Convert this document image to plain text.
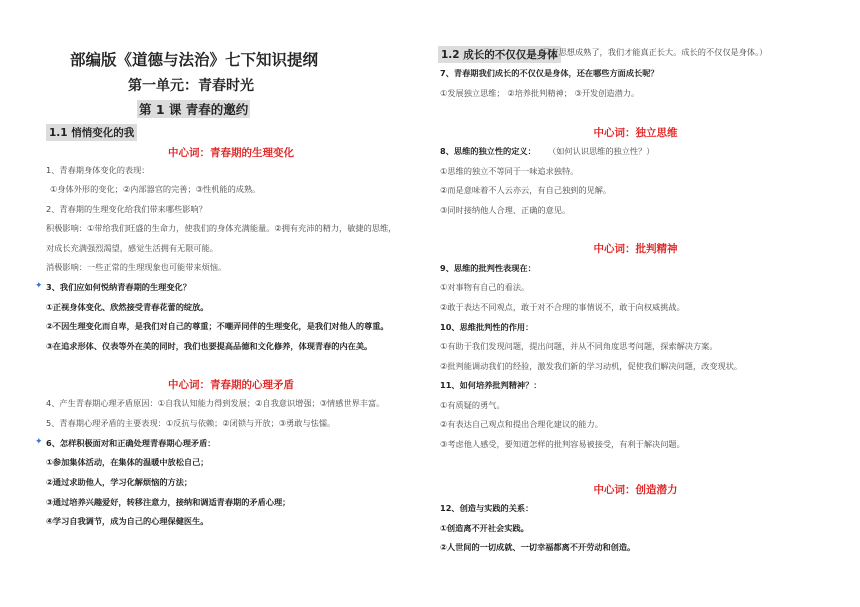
部编版《道德与法治》七下知识提纲
第一单元：青春时光
第 1 课 青春的邀约
1.1 悄悄变化的我
中心词：青春期的生理变化
1、青春期身体变化的表现：
①身体外形的变化；②内部器官的完善；③性机能的成熟。
2、青春期的生理变化给我们带来哪些影响？
积极影响：①带给我们旺盛的生命力，使我们的身体充满能量。②拥有充沛的精力，敏捷的思维，
对成长充满强烈渴望，感觉生活拥有无限可能。
消极影响：一些正常的生理现象也可能带来烦恼。
✦ 3、我们应如何悦纳青春期的生理变化？
①正视身体变化、欣然接受青春花蕾的绽放。
②不因生理变化而自卑，是我们对自己的尊重；不嘲弄同伴的生理变化，是我们对他人的尊重。
③在追求形体、仪表等外在美的同时，我们也要提高品德和文化修养，体现青春的内在美。
中心词：青春期的心理矛盾
4、产生青春期心理矛盾原因：①自我认知能力得到发展；②自我意识增强；③情感世界丰富。
5、青春期心理矛盾的主要表现：①反抗与依赖；②闭锁与开放；③勇敢与怯懦。
✦ 6、怎样积极面对和正确处理青春期心理矛盾：
①参加集体活动，在集体的温暖中放松自己；
②通过求助他人，学习化解烦恼的方法；
③通过培养兴趣爱好，转移注意力，接纳和调适青春期的矛盾心理；
④学习自我调节，成为自己的心理保健医生。
1.2 成长的不仅仅是身体
（只有思想成熟了，我们才能真正长大。成长的不仅仅是身体。）
7、青春期我们成长的不仅仅是身体，还在哪些方面成长呢？
①发展独立思维； ②培养批判精神； ③开发创造潜力。
中心词：独立思维
8、思维的独立性的定义： （如何认识思维的独立性？）
①思维的独立不等同于一味追求独特。
②而是意味着不人云亦云，有自己独到的见解。
③同时接纳他人合理、正确的意见。
中心词：批判精神
9、思维的批判性表现在：
①对事物有自己的看法。
②敢于表达不同观点，敢于对不合理的事情说不，敢于向权威挑战。
10、思维批判性的作用：
①有助于我们发现问题，提出问题，并从不同角度思考问题，探索解决方案。
②批判能调动我们的经验，激发我们新的学习动机，促使我们解决问题，改变现状。
11、如何培养批判精神？：
①有质疑的勇气。
②有表达自己观点和提出合理化建议的能力。
③考虑他人感受，要知道怎样的批判容易被接受，有利于解决问题。
中心词：创造潜力
12、创造与实践的关系：
①创造离不开社会实践。
②人世间的一切成就、一切幸福都离不开劳动和创造。
